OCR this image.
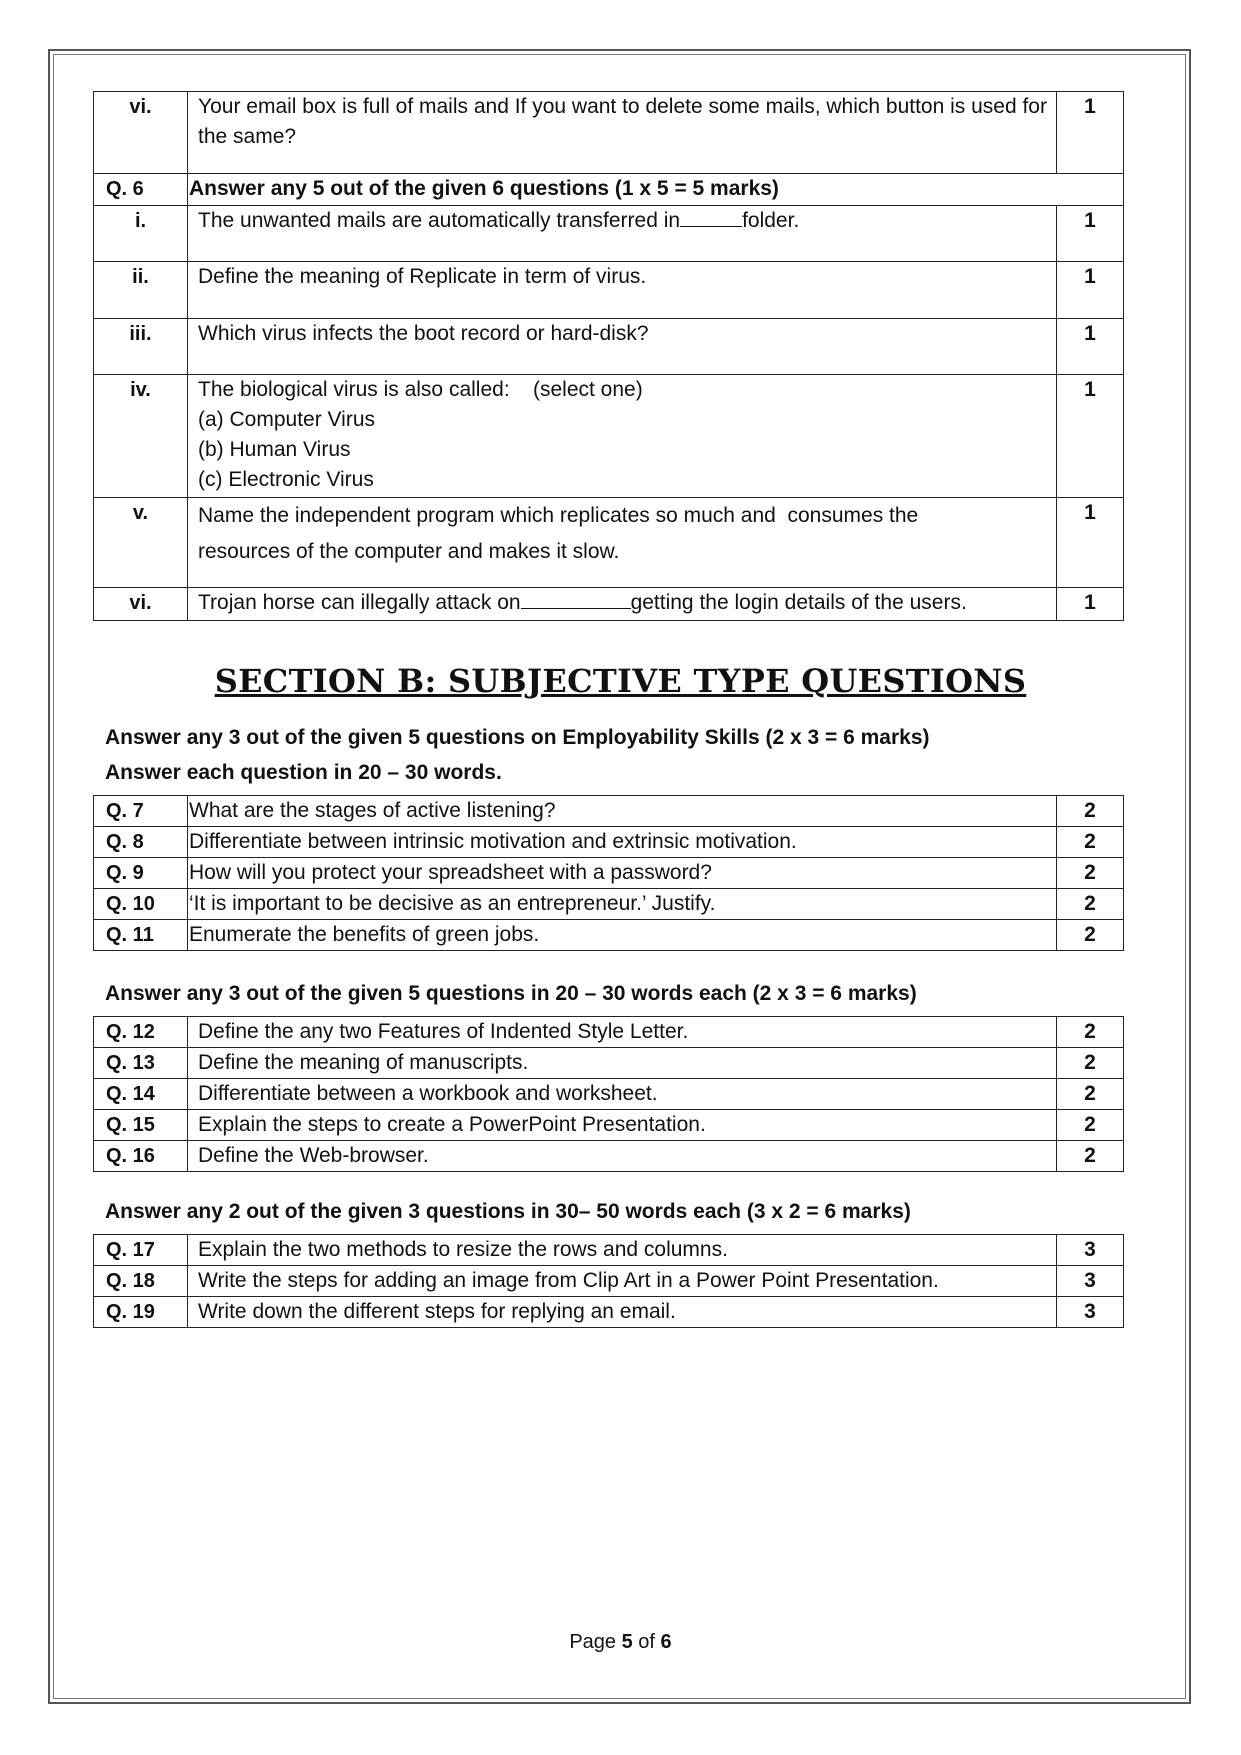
vi.	Your email box is full of mails and If you want to delete some mails, which button is used for the same?	1
Q. 6	Answer any 5 out of the given 6 questions (1 x 5 = 5 marks)	
i.	The unwanted mails are automatically transferred in folder.	1
ii.	Define the meaning of Replicate in term of virus.	1
iii.	Which virus infects the boot record or hard-disk?	1
iv.	The biological virus is also called:    (select one)
(a) Computer Virus
(b) Human Virus
(c) Electronic Virus	1
v.	Name the independent program which replicates so much and  consumes the
resources of the computer and makes it slow.	1
vi.	Trojan horse can illegally attack on getting the login details of the users.	1
SECTION B: SUBJECTIVE TYPE QUESTIONS
Answer any 3 out of the given 5 questions on Employability Skills (2 x 3 = 6 marks)
Answer each question in 20 – 30 words.
Q. 7	What are the stages of active listening?	2
Q. 8	Differentiate between intrinsic motivation and extrinsic motivation.	2
Q. 9	How will you protect your spreadsheet with a password?	2
Q. 10	‘It is important to be decisive as an entrepreneur.’ Justify.	2
Q. 11	Enumerate the benefits of green jobs.	2
Answer any 3 out of the given 5 questions in 20 – 30 words each (2 x 3 = 6 marks)
Q. 12	Define the any two Features of Indented Style Letter.	2
Q. 13	Define the meaning of manuscripts.	2
Q. 14	Differentiate between a workbook and worksheet.	2
Q. 15	Explain the steps to create a PowerPoint Presentation.	2
Q. 16	Define the Web-browser.	2
Answer any 2 out of the given 3 questions in 30– 50 words each (3 x 2 = 6 marks)
Q. 17	Explain the two methods to resize the rows and columns.	3
Q. 18	Write the steps for adding an image from Clip Art in a Power Point Presentation.	3
Q. 19	Write down the different steps for replying an email.	3
Page 5 of 6
